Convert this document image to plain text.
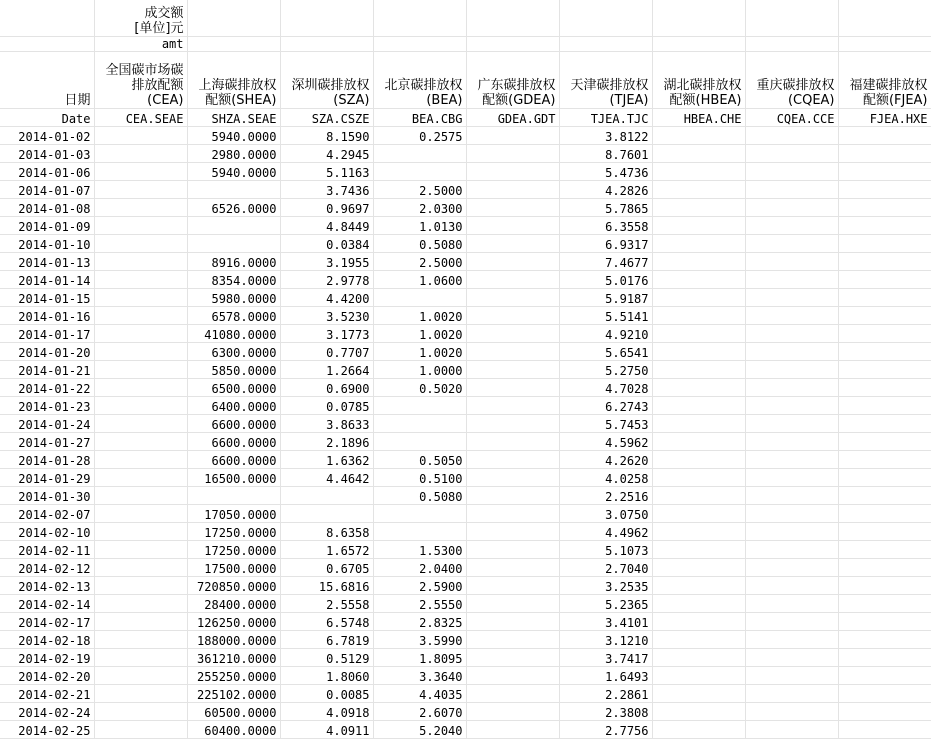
	成交额
[单位]元								
	amt								
日期	全国碳市场碳排放配额(CEA)	上海碳排放权配额(SHEA)	深圳碳排放权(SZA)	北京碳排放权(BEA)	广东碳排放权配额(GDEA)	天津碳排放权(TJEA)	湖北碳排放权配额(HBEA)	重庆碳排放权(CQEA)	福建碳排放权配额(FJEA)
Date	CEA.SEAE	SHZA.SEAE	SZA.CSZE	BEA.CBG	GDEA.GDT	TJEA.TJC	HBEA.CHE	CQEA.CCE	FJEA.HXE
2014-01-02		5940.0000	8.1590	0.2575		3.8122			
2014-01-03		2980.0000	4.2945			8.7601			
2014-01-06		5940.0000	5.1163			5.4736			
2014-01-07			3.7436	2.5000		4.2826			
2014-01-08		6526.0000	0.9697	2.0300		5.7865			
2014-01-09			4.8449	1.0130		6.3558			
2014-01-10			0.0384	0.5080		6.9317			
2014-01-13		8916.0000	3.1955	2.5000		7.4677			
2014-01-14		8354.0000	2.9778	1.0600		5.0176			
2014-01-15		5980.0000	4.4200			5.9187			
2014-01-16		6578.0000	3.5230	1.0020		5.5141			
2014-01-17		41080.0000	3.1773	1.0020		4.9210			
2014-01-20		6300.0000	0.7707	1.0020		5.6541			
2014-01-21		5850.0000	1.2664	1.0000		5.2750			
2014-01-22		6500.0000	0.6900	0.5020		4.7028			
2014-01-23		6400.0000	0.0785			6.2743			
2014-01-24		6600.0000	3.8633			5.7453			
2014-01-27		6600.0000	2.1896			4.5962			
2014-01-28		6600.0000	1.6362	0.5050		4.2620			
2014-01-29		16500.0000	4.4642	0.5100		4.0258			
2014-01-30				0.5080		2.2516			
2014-02-07		17050.0000				3.0750			
2014-02-10		17250.0000	8.6358			4.4962			
2014-02-11		17250.0000	1.6572	1.5300		5.1073			
2014-02-12		17500.0000	0.6705	2.0400		2.7040			
2014-02-13		720850.0000	15.6816	2.5900		3.2535			
2014-02-14		28400.0000	2.5558	2.5550		5.2365			
2014-02-17		126250.0000	6.5748	2.8325		3.4101			
2014-02-18		188000.0000	6.7819	3.5990		3.1210			
2014-02-19		361210.0000	0.5129	1.8095		3.7417			
2014-02-20		255250.0000	1.8060	3.3640		1.6493			
2014-02-21		225102.0000	0.0085	4.4035		2.2861			
2014-02-24		60500.0000	4.0918	2.6070		2.3808			
2014-02-25		60400.0000	4.0911	5.2040		2.7756			
